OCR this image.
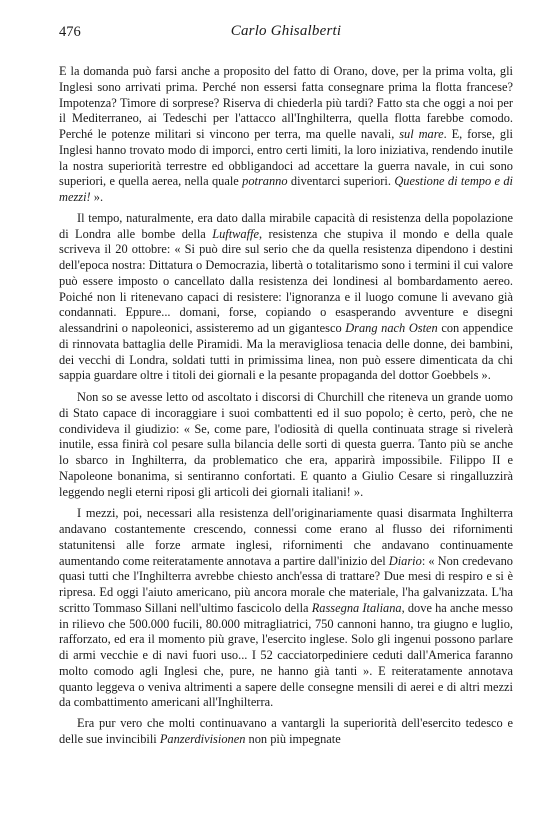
476	Carlo Ghisalberti

E la domanda può farsi anche a proposito del fatto di Orano, dove, per la prima volta, gli Inglesi sono arrivati prima. Perché non essersi fatta consegnare prima la flotta francese? Impotenza? Timore di sorprese? Riserva di chiederla più tardi? Fatto sta che oggi a noi per il Mediterraneo, ai Tedeschi per l'attacco all'Inghilterra, quella flotta farebbe comodo. Perché le potenze militari si vincono per terra, ma quelle navali, sul mare. E, forse, gli Inglesi hanno trovato modo di imporci, entro certi limiti, la loro iniziativa, rendendo inutile la nostra superiorità terrestre ed obbligandoci ad accettare la guerra navale, in cui sono superiori, e quella aerea, nella quale potranno diventarci superiori. Questione di tempo e di mezzi! ».

Il tempo, naturalmente, era dato dalla mirabile capacità di resistenza della popolazione di Londra alle bombe della Luftwaffe, resistenza che stupiva il mondo e della quale scriveva il 20 ottobre: « Si può dire sul serio che da quella resistenza dipendono i destini dell'epoca nostra: Dittatura o Democrazia, libertà o totalitarismo sono i termini il cui valore può essere imposto o cancellato dalla resistenza dei londinesi al bombardamento aereo. Poiché non li ritenevano capaci di resistere: l'ignoranza e il luogo comune li avevano già condannati. Eppure... domani, forse, copiando o esasperando avventure e disegni alessandrini o napoleonici, assisteremo ad un gigantesco Drang nach Osten con appendice di rinnovata battaglia delle Piramidi. Ma la meravigliosa tenacia delle donne, dei bambini, dei vecchi di Londra, soldati tutti in primissima linea, non può essere dimenticata da chi sappia guardare oltre i titoli dei giornali e la pesante propaganda del dottor Goebbels ».

Non so se avesse letto od ascoltato i discorsi di Churchill che riteneva un grande uomo di Stato capace di incoraggiare i suoi combattenti ed il suo popolo; è certo, però, che ne condivideva il giudizio: « Se, come pare, l'odiosità di quella continuata strage si rivelerà inutile, essa finirà col pesare sulla bilancia delle sorti di questa guerra. Tanto più se anche lo sbarco in Inghilterra, da problematico che era, apparirà impossibile. Filippo II e Napoleone bonanima, si sentiranno confortati. E quanto a Giulio Cesare si ringalluzzirà leggendo negli eterni riposi gli articoli dei giornali italiani! ».

I mezzi, poi, necessari alla resistenza dell'originariamente quasi disarmata Inghilterra andavano costantemente crescendo, connessi come erano al flusso dei rifornimenti statunitensi alle forze armate inglesi, rifornimenti che andavano continuamente aumentando come reiteratamente annotava a partire dall'inizio del Diario: « Non credevano quasi tutti che l'Inghilterra avrebbe chiesto anch'essa di trattare? Due mesi di respiro e si è ripresa. Ed oggi l'aiuto americano, più ancora morale che materiale, l'ha galvanizzata. L'ha scritto Tommaso Sillani nell'ultimo fascicolo della Rassegna Italiana, dove ha anche messo in rilievo che 500.000 fucili, 80.000 mitragliatrici, 750 cannoni hanno, tra giugno e luglio, rafforzato, ed era il momento più grave, l'esercito inglese. Solo gli ingenui possono parlare di armi vecchie e di navi fuori uso... I 52 cacciatorpediniere ceduti dall'America faranno molto comodo agli Inglesi che, pure, ne hanno già tanti ». E reiteratamente annotava quanto leggeva o veniva altrimenti a sapere delle consegne mensili di aerei e di altri mezzi da combattimento americani all'Inghilterra.

Era pur vero che molti continuavano a vantargli la superiorità dell'esercito tedesco e delle sue invincibili Panzerdivisionen non più impegnate
